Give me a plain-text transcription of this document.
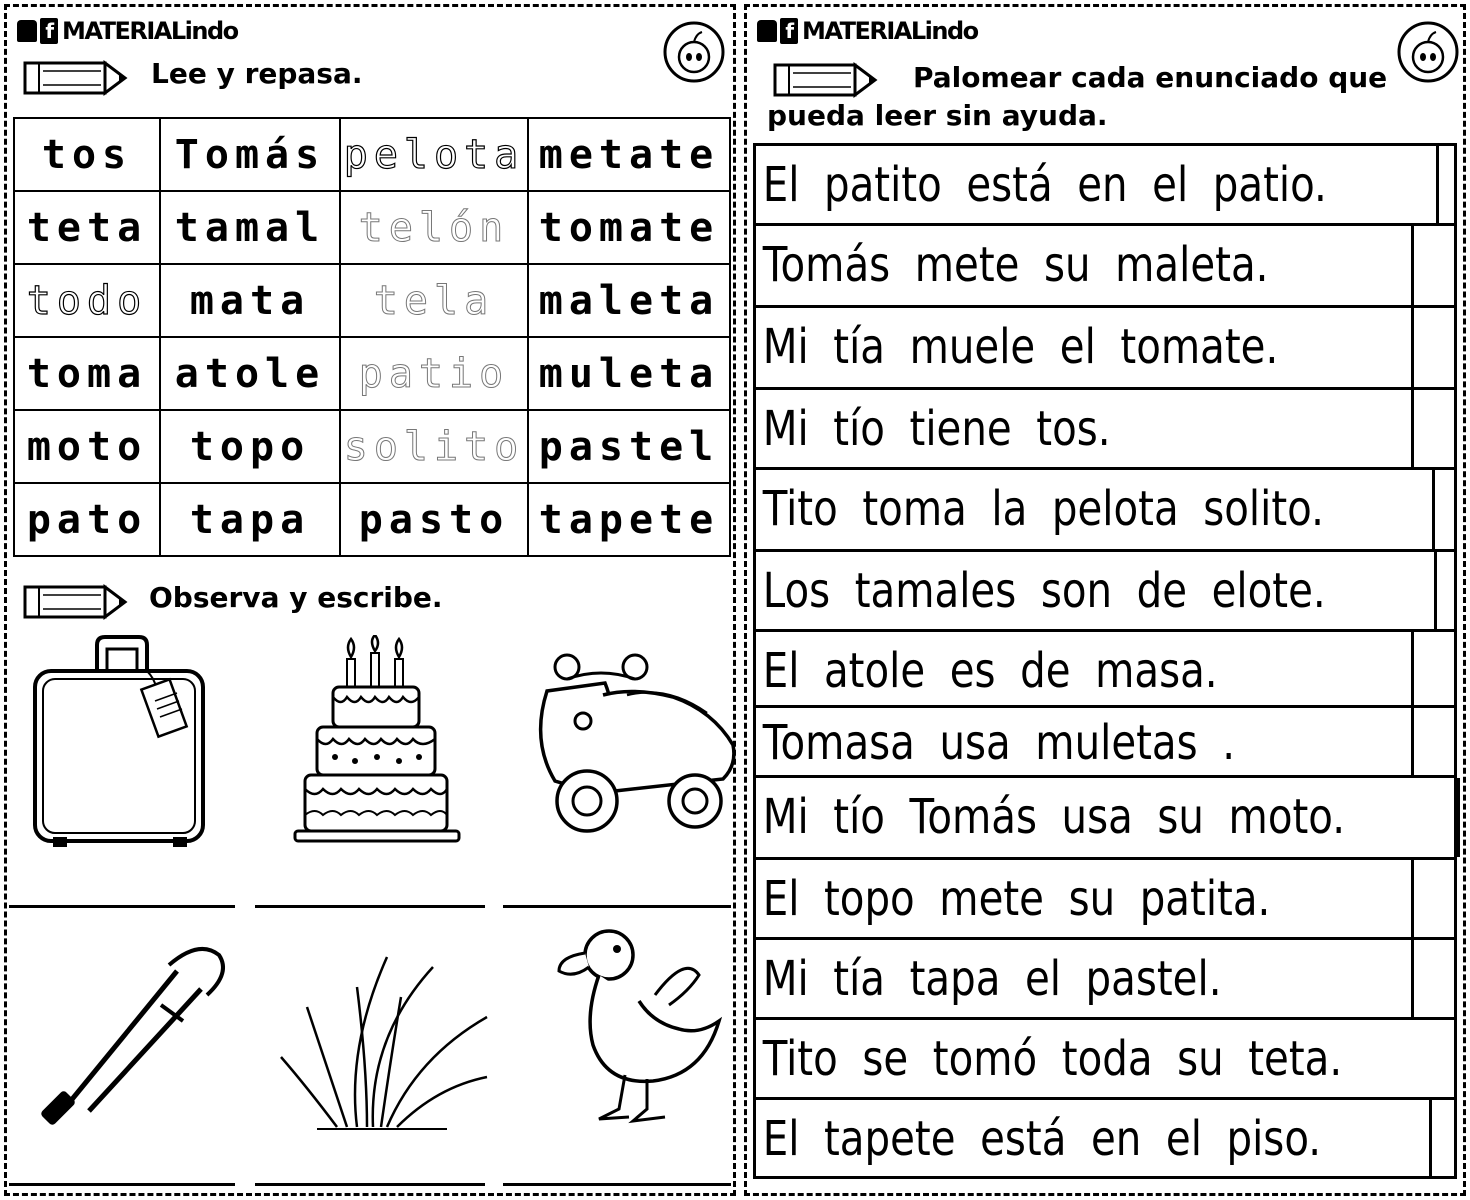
f MATERIALindo
Lee y repasa.
tos	Tomás	pelota	metate
teta	tamal	telón	tomate
todo	mata	tela	maleta
toma	atole	patio	muleta
moto	topo	solito	pastel
pato	tapa	pasto	tapete
Observa y escribe.
f MATERIALindo
Palomear cada enunciado que
pueda leer sin ayuda.
El patito está en el patio.
Tomás mete su maleta.
Mi tía muele el tomate.
Mi tío tiene tos.
Tito toma la pelota solito.
Los tamales son de elote.
El atole es de masa.
Tomasa usa muletas .
Mi tío Tomás usa su moto.
El topo mete su patita.
Mi tía tapa el pastel.
Tito se tomó toda su teta.
El tapete está en el piso.
